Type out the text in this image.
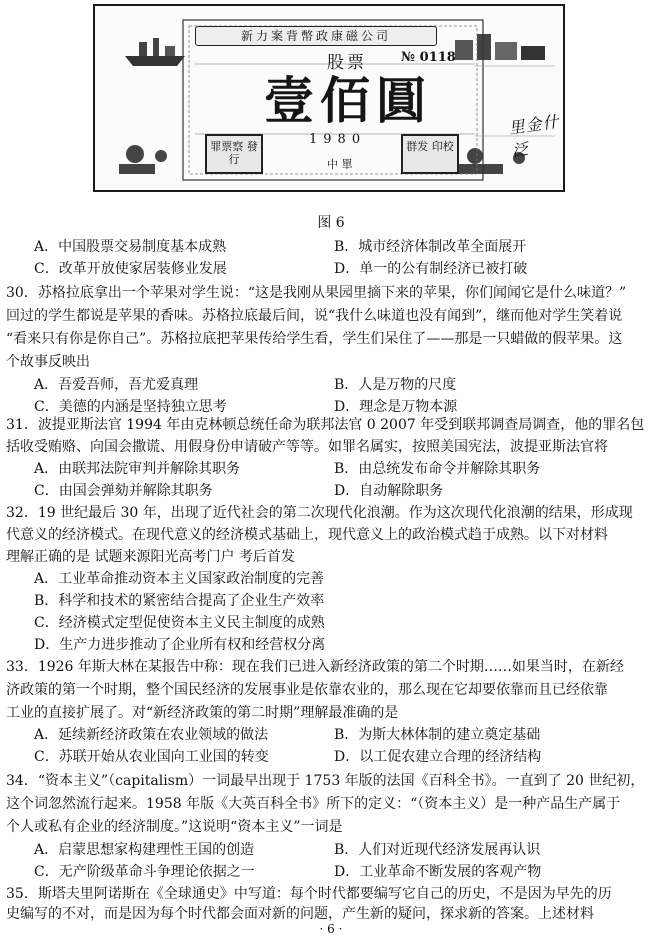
新力案背幣政康磁公司
股票	№ 0118
壹佰圓
1980
罪票察 發行	中 單
群发 印校
里金什泛
图 6
A．中国股票交易制度基本成熟	B．城市经济体制改革全面展开
C．改革开放使家居装修业发展	D．单一的公有制经济已被打破
30．苏格拉底拿出一个苹果对学生说：“这是我刚从果园里摘下来的苹果，你们闻闻它是什么味道？”
回过的学生都说是苹果的香味。苏格拉底最后间，说“我什么味道也没有闻到”，继而他对学生笑着说
“看来只有你是你自己”。苏格拉底把苹果传给学生看，学生们呆住了——那是一只蜡做的假苹果。这
个故事反映出
A．吾爱吾师，吾尤爱真理	B．人是万物的尺度
C．美德的内涵是坚持独立思考	D．理念是万物本源
31．波提亚斯法官 1994 年由克林顿总统任命为联邦法官 0 2007 年受到联邦调查局调查，他的罪名包
括收受贿赂、向国会撒谎、用假身份申请破产等等。如罪名属实，按照美国宪法，波提亚斯法官将
A．由联邦法院审判并解除其职务	B．由总统发布命令并解除其职务
C．由国会弹劾并解除其职务	D．自动解除职务
32．19 世纪最后 30 年，出现了近代社会的第二次现代化浪潮。作为这次现代化浪潮的结果，形成现
代意义的经济模式。在现代意义的经济模式基础上，现代意义上的政治模式趋于成熟。以下对材料
理解正确的是 试题来源阳光高考门户 考后首发
A．工业革命推动资本主义国家政治制度的完善
B．科学和技术的紧密结合提高了企业生产效率
C．经济模式定型促使资本主义民主制度的成熟
D．生产力进步推动了企业所有权和经营权分离
33．1926 年斯大林在某报告中称：现在我们已进入新经济政策的第二个时期……如果当时，在新经
济政策的第一个时期，整个国民经济的发展事业是依靠农业的，那么现在它却要依靠而且已经依靠
工业的直接扩展了。对“新经济政策的第二时期”理解最准确的是
A．延续新经济政策在农业领域的做法	B．为斯大林体制的建立奠定基础
C．苏联开始从农业国向工业国的转变	D．以工促农建立合理的经济结构
34．“资本主义”（capitalism）一词最早出现于 1753 年版的法国《百科全书》。一直到了 20 世纪初，
这个词忽然流行起来。1958 年版《大英百科全书》所下的定义：“（资本主义）是一种产品生产属于
个人或私有企业的经济制度。”这说明“资本主义”一词是
A．启蒙思想家构建理性王国的创造	B．人们对近现代经济发展再认识
C．无产阶级革命斗争理论依据之一	D．工业革命不断发展的客观产物
· 6 ·
35．斯塔夫里阿诺斯在《全球通史》中写道：每个时代都要编写它自己的历史，不是因为早先的历
史编写的不对，而是因为每个时代都会面对新的问题，产生新的疑问，探求新的答案。上述材料
